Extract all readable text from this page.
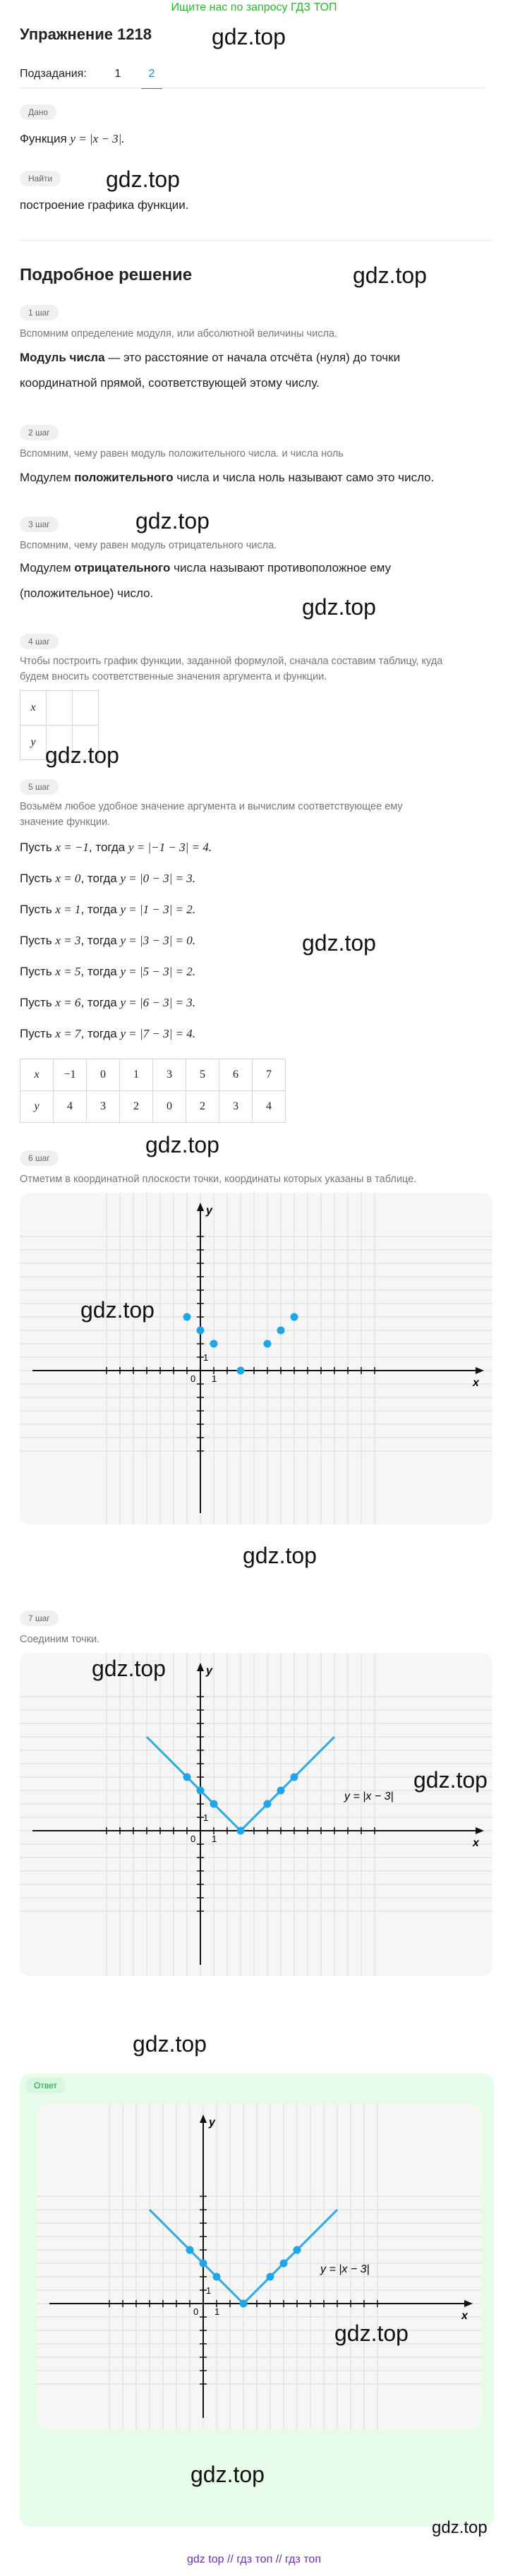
Ищите нас по запросу ГДЗ ТОП
Упражнение 1218	gdz.top
Подзадания:	1	2
Дано
Функция y = |x − 3|.
Найти	gdz.top
построение графика функции.
Подробное решение	gdz.top
1 шаг
Вспомним определение модуля, или абсолютной величины числа.
Модуль числа — это расстояние от начала отсчёта (нуля) до точки
координатной прямой, соответствующей этому числу.
2 шаг
Вспомним, чему равен модуль положительного числа. и числа ноль
Модулем положительного числа и числа ноль называют само это число.
3 шаг	gdz.top
Вспомним, чему равен модуль отрицательного числа.
Модулем отрицательного числа называют противоположное ему
(положительное) число.
gdz.top
4 шаг
Чтобы построить график функции, заданной формулой, сначала составим таблицу, куда
будем вносить соответственные значения аргумента и функции.
x		
y		
gdz.top
5 шаг
Возьмём любое удобное значение аргумента и вычислим соответствующее ему
значение функции.
Пусть x = −1, тогда y = |−1 − 3| = 4.
Пусть x = 0, тогда y = |0 − 3| = 3.
Пусть x = 1, тогда y = |1 − 3| = 2.
Пусть x = 3, тогда y = |3 − 3| = 0.	gdz.top
Пусть x = 5, тогда y = |5 − 3| = 2.
Пусть x = 6, тогда y = |6 − 3| = 3.
Пусть x = 7, тогда y = |7 − 3| = 4.
x	−1	0	1	3	5	6	7
y	4	3	2	0	2	3	4
gdz.top
6 шаг
Отметим в координатной плоскости точки, координаты которых указаны в таблице.
x
y
0 1
1
gdz.top
gdz.top
7 шаг
Соединим точки.
x
y
0 1
1
y = |x − 3|
gdz.top
gdz.top
gdz.top
Ответ
x
y
0 1
1
y = |x − 3|
gdz.top
gdz.top
gdz.top
gdz top // гдз топ // гдз топ
